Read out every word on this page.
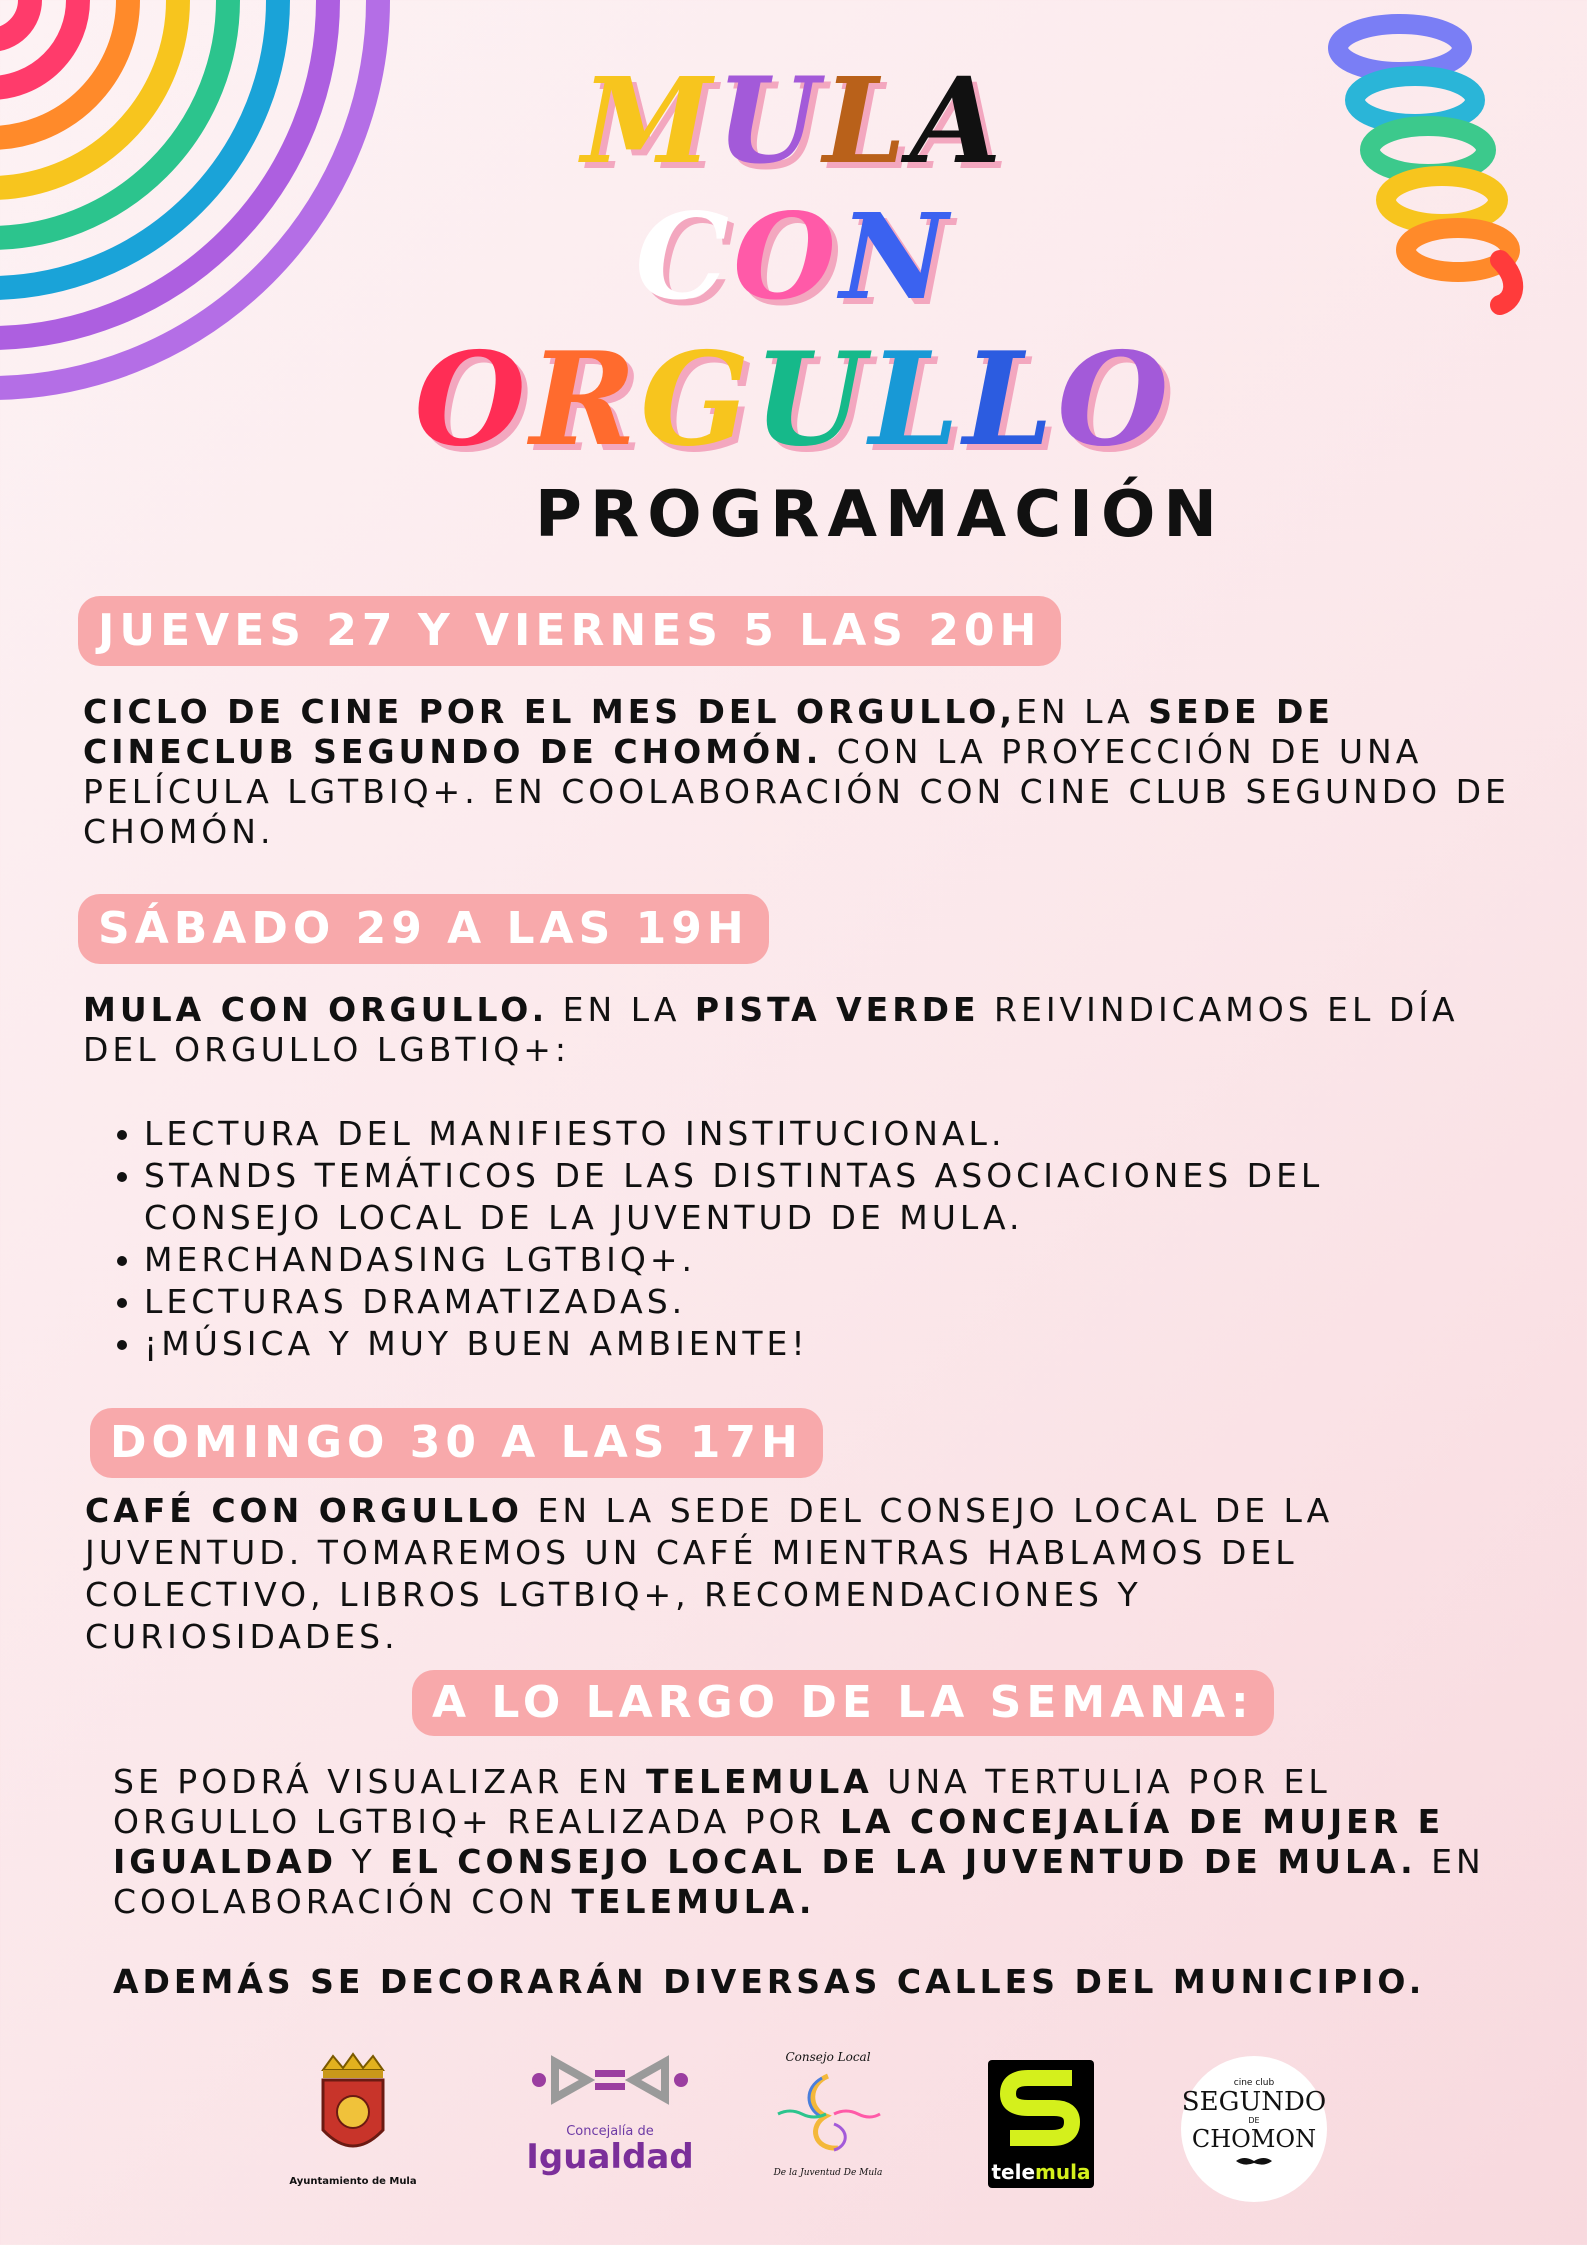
MULA
CON
ORGULLO
PROGRAMACIÓN
JUEVES 27 Y VIERNES 5 LAS 20H
CICLO DE CINE POR EL MES DEL ORGULLO,EN LA SEDE DE CINECLUB SEGUNDO DE CHOMÓN. CON LA PROYECCIÓN DE UNA PELÍCULA LGTBIQ+. EN COOLABORACIÓN CON CINE CLUB SEGUNDO DE CHOMÓN.
SÁBADO 29 A LAS 19H
MULA CON ORGULLO. EN LA PISTA VERDE REIVINDICAMOS EL DÍA DEL ORGULLO LGBTIQ+:
• LECTURA DEL MANIFIESTO INSTITUCIONAL.
• STANDS TEMÁTICOS DE LAS DISTINTAS ASOCIACIONES DEL CONSEJO LOCAL DE LA JUVENTUD DE MULA.
• MERCHANDASING LGTBIQ+.
• LECTURAS DRAMATIZADAS.
• ¡MÚSICA Y MUY BUEN AMBIENTE!
DOMINGO 30 A LAS 17H
CAFÉ CON ORGULLO EN LA SEDE DEL CONSEJO LOCAL DE LA JUVENTUD. TOMAREMOS UN CAFÉ MIENTRAS HABLAMOS DEL COLECTIVO, LIBROS LGTBIQ+, RECOMENDACIONES Y CURIOSIDADES.
A LO LARGO DE LA SEMANA:
SE PODRÁ VISUALIZAR EN TELEMULA UNA TERTULIA POR EL ORGULLO LGTBIQ+ REALIZADA POR LA CONCEJALÍA DE MUJER E IGUALDAD Y EL CONSEJO LOCAL DE LA JUVENTUD DE MULA. EN COOLABORACIÓN CON TELEMULA.
ADEMÁS SE DECORARÁN DIVERSAS CALLES DEL MUNICIPIO.
Ayuntamiento de Mula
Concejalía de
Igualdad
Consejo Local
De la Juventud De Mula	telemula
cine club
SEGUNDO
DE
CHOMON
